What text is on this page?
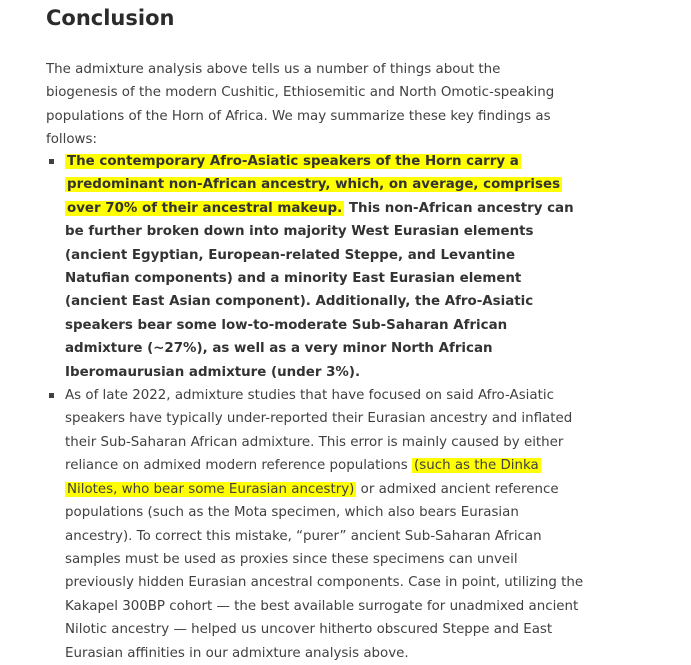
Conclusion

The admixture analysis above tells us a number of things about the biogenesis of the modern Cushitic, Ethiosemitic and North Omotic-speaking populations of the Horn of Africa. We may summarize these key findings as follows:

The contemporary Afro-Asiatic speakers of the Horn carry a predominant non-African ancestry, which, on average, comprises over 70% of their ancestral makeup. This non-African ancestry can be further broken down into majority West Eurasian elements (ancient Egyptian, European-related Steppe, and Levantine Natufian components) and a minority East Eurasian element (ancient East Asian component). Additionally, the Afro-Asiatic speakers bear some low-to-moderate Sub-Saharan African admixture (~27%), as well as a very minor North African Iberomaurusian admixture (under 3%).
As of late 2022, admixture studies that have focused on said Afro-Asiatic speakers have typically under-reported their Eurasian ancestry and inflated their Sub-Saharan African admixture. This error is mainly caused by either reliance on admixed modern reference populations (such as the Dinka Nilotes, who bear some Eurasian ancestry) or admixed ancient reference populations (such as the Mota specimen, which also bears Eurasian ancestry). To correct this mistake, “purer” ancient Sub-Saharan African samples must be used as proxies since these specimens can unveil previously hidden Eurasian ancestral components. Case in point, utilizing the Kakapel 300BP cohort — the best available surrogate for unadmixed ancient Nilotic ancestry — helped us uncover hitherto obscured Steppe and East Eurasian affinities in our admixture analysis above.
